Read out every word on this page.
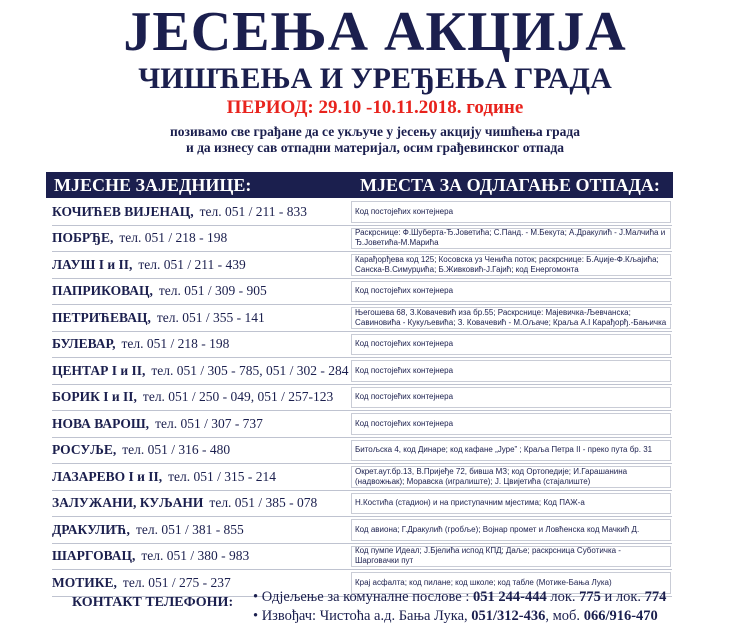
ЈЕСЕЊА АКЦИЈА
ЧИШЋЕЊА И УРЕЂЕЊА ГРАДА
ПЕРИОД: 29.10 -10.11.2018. године
позивамо све грађане да се укључе у јесењу акцију чишћења града
и да изнесу сав отпадни материјал, осим грађевинског отпада
МЈЕСНЕ ЗАЈЕДНИЦЕ:	МЈЕСТА ЗА ОДЛАГАЊЕ ОТПАДА:
КОЧИЋЕВ ВИЈЕНАЦ, тел. 051 / 211 - 833	Код постојећих контејнера
ПОБРЂЕ, тел. 051 / 218 - 198	Раскрснице: Ф.Шуберта-Ђ.Јоветића; С.Панд. - М.Бекута; А.Дракулић - Ј.Малчића и Ђ.Јоветића-М.Марића
ЛАУШ I и II, тел. 051 / 211 - 439	Карађорђева код 125; Косовска уз Ченића поток; раскрснице: Б.Аџије-Ф.Кљаjића; Санска-В.Симурџића; Б.Живковић-Ј.Гајић; код Енергомонта
ПАПРИКОВАЦ, тел. 051 / 309 - 905	Код постојећих контејнера
ПЕТРИЋЕВАЦ, тел. 051 / 355 - 141	Његошева 68, З.Ковачевић иза бр.55; Раскрснице: Мајевичка-Љевчанска; Савиновића - Кукуљевића; З. Ковачевић - М.Ољаче; Краља А.I Карађорђ.-Бањичка
БУЛЕВАР, тел. 051 / 218 - 198	Код постојећих контејнера
ЦЕНТАР I и II, тел. 051 / 305 - 785, 051 / 302 - 284 Код постојећих контејнера
БОРИК I и II, тел. 051 / 250 - 049, 051 / 257-123	Код постојећих контејнера
НОВА ВАРОШ, тел. 051 / 307 - 737	Код постојећих контејнера
РОСУЉЕ, тел. 051 / 316 - 480	Битољска 4, код Динаре; код кафане „Јуре” ; Краља Петра II - преко пута бр. 31
ЛАЗАРЕВО I и II, тел. 051 / 315 - 214	Окрет.аут.бр.13, В.Пријеђе 72, бивша МЗ; код Ортопедије; И.Гарашанина (надвожњак); Моравска (игралиште); Ј. Цвијетића (стајалиште)
ЗАЛУЖАНИ, КУЉАНИ тел. 051 / 385 - 078	Н.Костића (стадион) и на приступачним мјестима; Код ПАЖ-а
ДРАКУЛИЋ, тел. 051 / 381 - 855	Код авиона; Г.Дракулић (гробље); Војнар промет и Ловћенска код Мачкић Д.
ШАРГОВАЦ, тел. 051 / 380 - 983	Код пумпе Идеал; Ј.Бјелића испод КПД; Даље; раскрсница Суботичка - Шарговачки пут
МОТИКЕ, тел. 051 / 275 - 237	Крај асфалта; код пилане; код школе; код табле (Мотике-Бања Лука)
КОНТАКТ ТЕЛЕФОНИ: • Одјељење за комуналне послове : 051 244-444 лок. 775 и лок. 774
• Извођач: Чистоћа а.д. Бања Лука, 051/312-436, моб. 066/916-470
